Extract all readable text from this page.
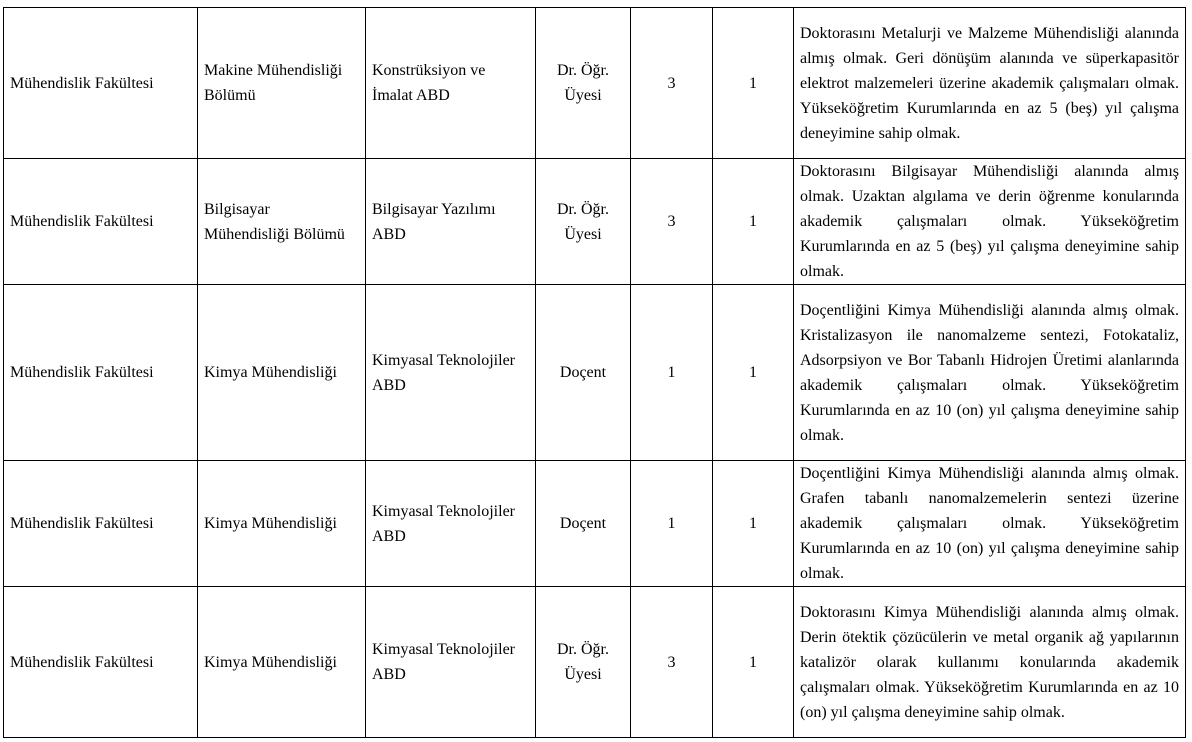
Mühendislik Fakültesi	Makine Mühendisliği Bölümü	Konstrüksiyon ve İmalat ABD	Dr. Öğr. Üyesi	3	1	Doktorasını Metalurji ve Malzeme Mühendisliği alanında almış olmak. Geri dönüşüm alanında ve süperkapasitör elektrot malzemeleri üzerine akademik çalışmaları olmak. Yükseköğretim Kurumlarında en az 5 (beş) yıl çalışma deneyimine sahip olmak.
Mühendislik Fakültesi	Bilgisayar Mühendisliği Bölümü	Bilgisayar Yazılımı ABD	Dr. Öğr. Üyesi	3	1	Doktorasını Bilgisayar Mühendisliği alanında almış olmak. Uzaktan algılama ve derin öğrenme konularında akademik çalışmaları olmak. Yükseköğretim Kurumlarında en az 5 (beş) yıl çalışma deneyimine sahip olmak.
Mühendislik Fakültesi	Kimya Mühendisliği	Kimyasal Teknolojiler ABD	Doçent	1	1	Doçentliğini Kimya Mühendisliği alanında almış olmak. Kristalizasyon ile nanomalzeme sentezi, Fotokataliz, Adsorpsiyon ve Bor Tabanlı Hidrojen Üretimi alanlarında akademik çalışmaları olmak. Yükseköğretim Kurumlarında en az 10 (on) yıl çalışma deneyimine sahip olmak.
Mühendislik Fakültesi	Kimya Mühendisliği	Kimyasal Teknolojiler ABD	Doçent	1	1	Doçentliğini Kimya Mühendisliği alanında almış olmak. Grafen tabanlı nanomalzemelerin sentezi üzerine akademik çalışmaları olmak. Yükseköğretim Kurumlarında en az 10 (on) yıl çalışma deneyimine sahip olmak.
Mühendislik Fakültesi	Kimya Mühendisliği	Kimyasal Teknolojiler ABD	Dr. Öğr. Üyesi	3	1	Doktorasını Kimya Mühendisliği alanında almış olmak. Derin ötektik çözücülerin ve metal organik ağ yapılarının katalizör olarak kullanımı konularında akademik çalışmaları olmak. Yükseköğretim Kurumlarında en az 10 (on) yıl çalışma deneyimine sahip olmak.
